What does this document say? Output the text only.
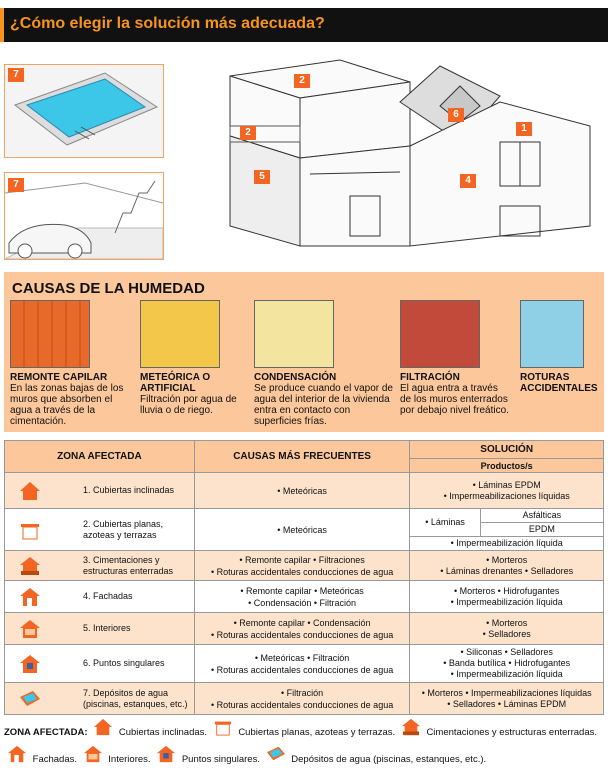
¿Cómo elegir la solución más adecuada?
7
7
2
2
5
6
1
4
CAUSAS DE LA HUMEDAD
REMONTE CAPILAR
En las zonas bajas de los muros que absorben el agua a través de la cimentación.
METEÓRICA O ARTIFICIAL
Filtración por agua de lluvia o de riego.
CONDENSACIÓN
Se produce cuando el vapor de agua del interior de la vivienda entra en contacto con superficies frías.
FILTRACIÓN
El agua entra a través de los muros enterrados por debajo nivel freático.
ROTURAS ACCIDENTALES
ZONA AFECTADA	CAUSAS MÁS FRECUENTES	SOLUCIÓN
Productos/s

1. Cubiertas inclinadas	• Meteóricas	• Láminas EPDM
• Impermeabilizaciones líquidas

2. Cubiertas planas, azoteas y terrazas	• Meteóricas	
• Láminas	Asfálticas
EPDM
• Impermeabilización líquida

3. Cimentaciones y estructuras enterradas
	• Remonte capilar • Filtraciones
• Roturas accidentales conducciones de agua	• Morteros
• Láminas drenantes • Selladores

4. Fachadas
	• Remonte capilar • Meteóricas
• Condensación • Filtración	• Morteros • Hidrofugantes
• Impermeabilización líquida

5. Interiores
	• Remonte capilar • Condensación
• Roturas accidentales conducciones de agua	• Morteros
• Selladores

6. Puntos singulares
	• Meteóricas • Filtración
• Roturas accidentales conducciones de agua	• Siliconas • Selladores
• Banda butílica • Hidrofugantes
• Impermeabilización líquida

7. Depósitos de agua (piscinas, estanques, etc.)
	• Filtración
• Roturas accidentales conducciones de agua	• Morteros • Impermeabilizaciones líquidas
• Selladores • Láminas EPDM
ZONA AFECTADA:	Cubiertas inclinadas.	Cubiertas planas, azoteas y terrazas.	Cimentaciones y estructuras enterradas.
Fachadas.	Interiores.	Puntos singulares.	Depósitos de agua (piscinas, estanques, etc.).
